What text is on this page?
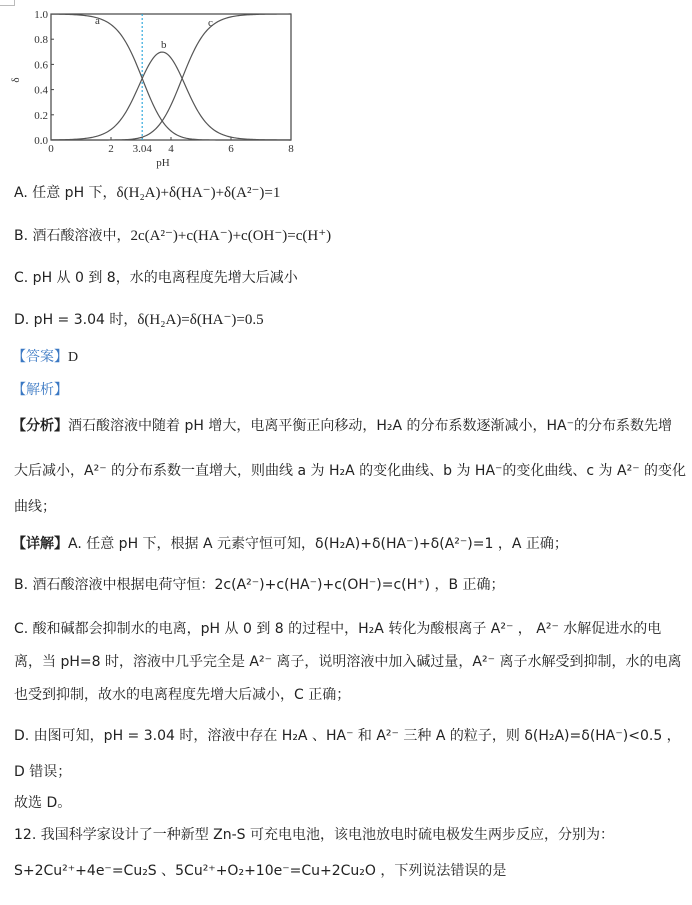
0.0
0.2
0.4
0.6
0.8
1.0
0	2 3.04 4	6	8
δ
pH
a
b
c
A. 任意 pH 下，δ(H₂A)+δ(HA⁻)+δ(A²⁻)=1
B. 酒石酸溶液中，2c(A²⁻)+c(HA⁻)+c(OH⁻)=c(H⁺)
C. pH 从 0 到 8，水的电离程度先增大后减小
D. pH = 3.04 时，δ(H₂A)=δ(HA⁻)=0.5
【答案】D
【解析】
【分析】酒石酸溶液中随着 pH 增大，电离平衡正向移动，H₂A 的分布系数逐渐减小，HA⁻的分布系数先增
大后减小，A²⁻ 的分布系数一直增大，则曲线 a 为 H₂A 的变化曲线、b 为 HA⁻的变化曲线、c 为 A²⁻ 的变化
曲线；
【详解】A. 任意 pH 下，根据 A 元素守恒可知，δ(H₂A)+δ(HA⁻)+δ(A²⁻)=1 ，A 正确；
B. 酒石酸溶液中根据电荷守恒：2c(A²⁻)+c(HA⁻)+c(OH⁻)=c(H⁺) ，B 正确；
C. 酸和碱都会抑制水的电离，pH 从 0 到 8 的过程中，H₂A 转化为酸根离子 A²⁻ ， A²⁻ 水解促进水的电
离，当 pH=8 时，溶液中几乎完全是 A²⁻ 离子，说明溶液中加入碱过量，A²⁻ 离子水解受到抑制，水的电离
也受到抑制，故水的电离程度先增大后减小，C 正确；
D. 由图可知，pH = 3.04 时，溶液中存在 H₂A 、HA⁻ 和 A²⁻ 三种 A 的粒子，则 δ(H₂A)=δ(HA⁻)<0.5 ，
D 错误；
故选 D。
12. 我国科学家设计了一种新型 Zn-S 可充电电池，该电池放电时硫电极发生两步反应，分别为：
S+2Cu²⁺+4e⁻=Cu₂S 、5Cu²⁺+O₂+10e⁻=Cu+2Cu₂O ，下列说法错误的是
